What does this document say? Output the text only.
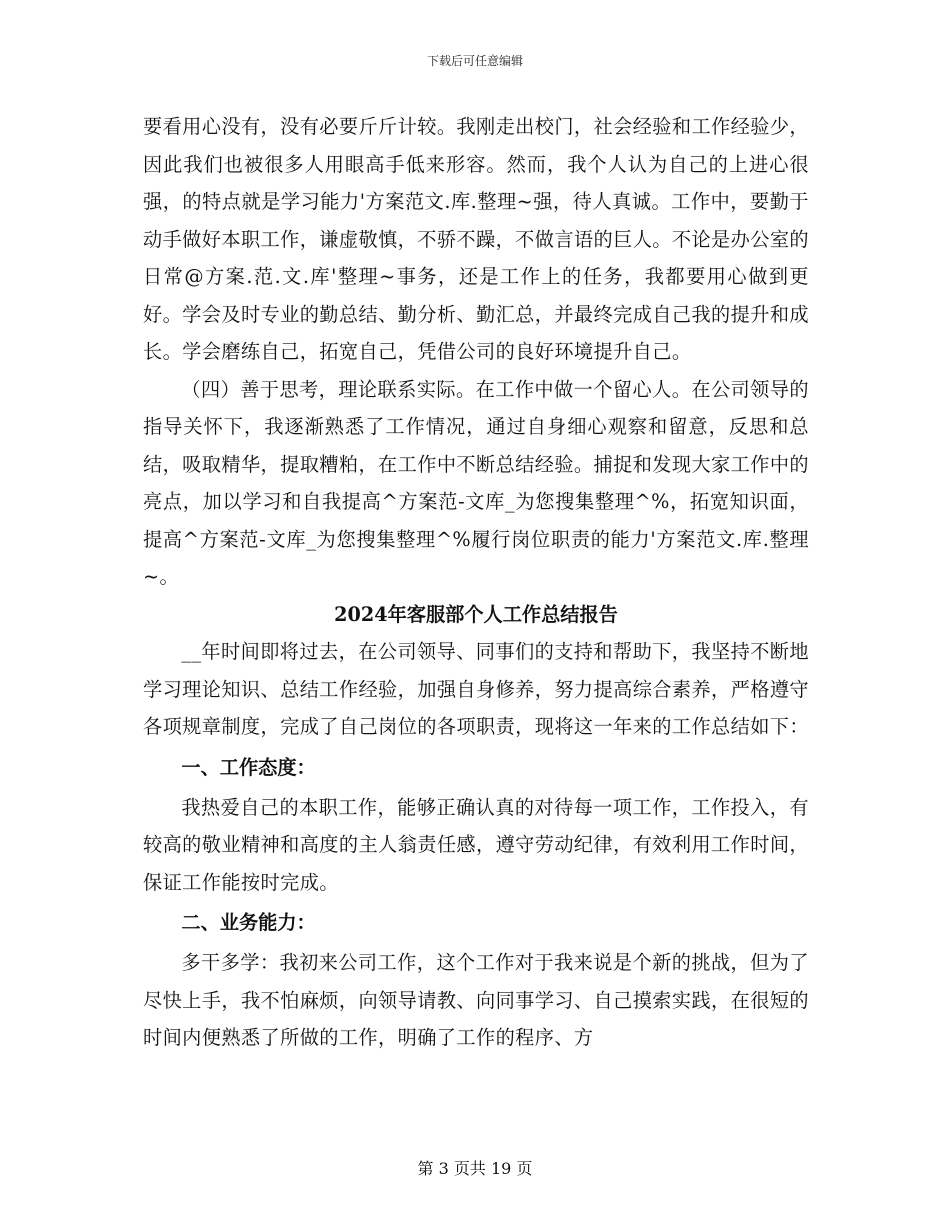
下载后可任意编辑

要看用心没有，没有必要斤斤计较。我刚走出校门，社会经验和工作经验少，因此我们也被很多人用眼高手低来形容。然而，我个人认为自己的上进心很强，的特点就是学习能力'方案范文.库.整理~强，待人真诚。工作中，要勤于动手做好本职工作，谦虚敬慎，不骄不躁，不做言语的巨人。不论是办公室的日常@方案.范.文.库'整理~事务，还是工作上的任务，我都要用心做到更好。学会及时专业的勤总结、勤分析、勤汇总，并最终完成自己我的提升和成长。学会磨练自己，拓宽自己，凭借公司的良好环境提升自己。

（四）善于思考，理论联系实际。在工作中做一个留心人。在公司领导的指导关怀下，我逐渐熟悉了工作情况，通过自身细心观察和留意，反思和总结，吸取精华，提取糟粕，在工作中不断总结经验。捕捉和发现大家工作中的亮点，加以学习和自我提高^方案范-文库_为您搜集整理^%，拓宽知识面，提高^方案范-文库_为您搜集整理^%履行岗位职责的能力'方案范文.库.整理~。

2024年客服部个人工作总结报告

__年时间即将过去，在公司领导、同事们的支持和帮助下，我坚持不断地学习理论知识、总结工作经验，加强自身修养，努力提高综合素养，严格遵守各项规章制度，完成了自己岗位的各项职责，现将这一年来的工作总结如下：

一、工作态度：

我热爱自己的本职工作，能够正确认真的对待每一项工作，工作投入，有较高的敬业精神和高度的主人翁责任感，遵守劳动纪律，有效利用工作时间，保证工作能按时完成。

二、业务能力：

多干多学：我初来公司工作，这个工作对于我来说是个新的挑战，但为了尽快上手，我不怕麻烦，向领导请教、向同事学习、自己摸索实践，在很短的时间内便熟悉了所做的工作，明确了工作的程序、方

第 3 页共 19 页
